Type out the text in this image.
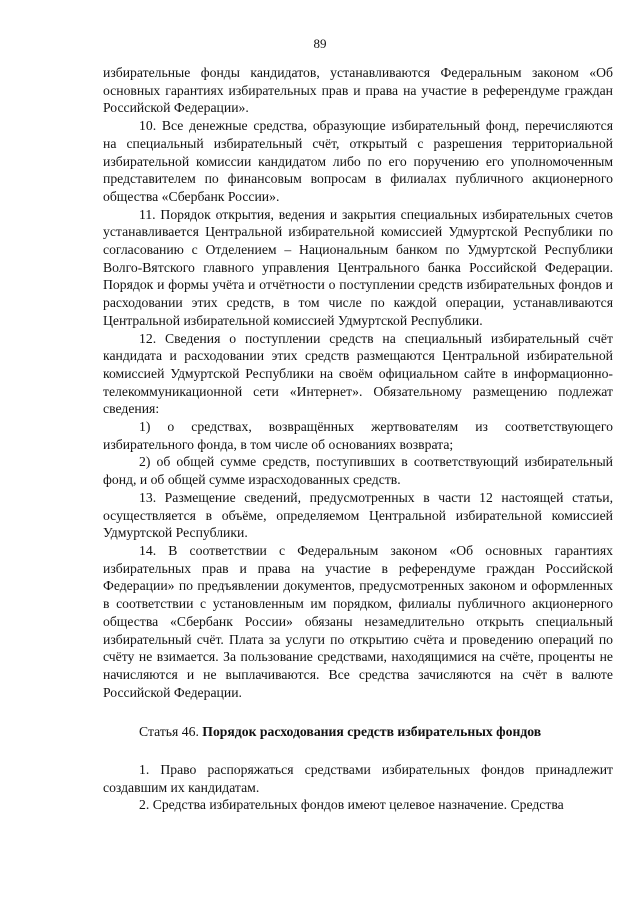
89

избирательные фонды кандидатов, устанавливаются Федеральным законом «Об основных гарантиях избирательных прав и права на участие в референдуме граждан Российской Федерации».

10. Все денежные средства, образующие избирательный фонд, перечисляются на специальный избирательный счёт, открытый с разрешения территориальной избирательной комиссии кандидатом либо по его поручению его уполномоченным представителем по финансовым вопросам в филиалах публичного акционерного общества «Сбербанк России».

11. Порядок открытия, ведения и закрытия специальных избирательных счетов устанавливается Центральной избирательной комиссией Удмуртской Республики по согласованию с Отделением – Национальным банком по Удмуртской Республики Волго-Вятского главного управления Центрального банка Российской Федерации. Порядок и формы учёта и отчётности о поступлении средств избирательных фондов и расходовании этих средств, в том числе по каждой операции, устанавливаются Центральной избирательной комиссией Удмуртской Республики.

12. Сведения о поступлении средств на специальный избирательный счёт кандидата и расходовании этих средств размещаются Центральной избирательной комиссией Удмуртской Республики на своём официальном сайте в информационно-телекоммуникационной сети «Интернет». Обязательному размещению подлежат сведения:

1) о средствах, возвращённых жертвователям из соответствующего избирательного фонда, в том числе об основаниях возврата;

2) об общей сумме средств, поступивших в соответствующий избирательный фонд, и об общей сумме израсходованных средств.

13. Размещение сведений, предусмотренных в части 12 настоящей статьи, осуществляется в объёме, определяемом Центральной избирательной комиссией Удмуртской Республики.

14. В соответствии с Федеральным законом «Об основных гарантиях избирательных прав и права на участие в референдуме граждан Российской Федерации» по предъявлении документов, предусмотренных законом и оформленных в соответствии с установленным им порядком, филиалы публичного акционерного общества «Сбербанк России» обязаны незамедлительно открыть специальный избирательный счёт. Плата за услуги по открытию счёта и проведению операций по счёту не взимается. За пользование средствами, находящимися на счёте, проценты не начисляются и не выплачиваются. Все средства зачисляются на счёт в валюте Российской Федерации.

Статья 46. Порядок расходования средств избирательных фондов

1. Право распоряжаться средствами избирательных фондов принадлежит создавшим их кандидатам.

2. Средства избирательных фондов имеют целевое назначение. Средства
